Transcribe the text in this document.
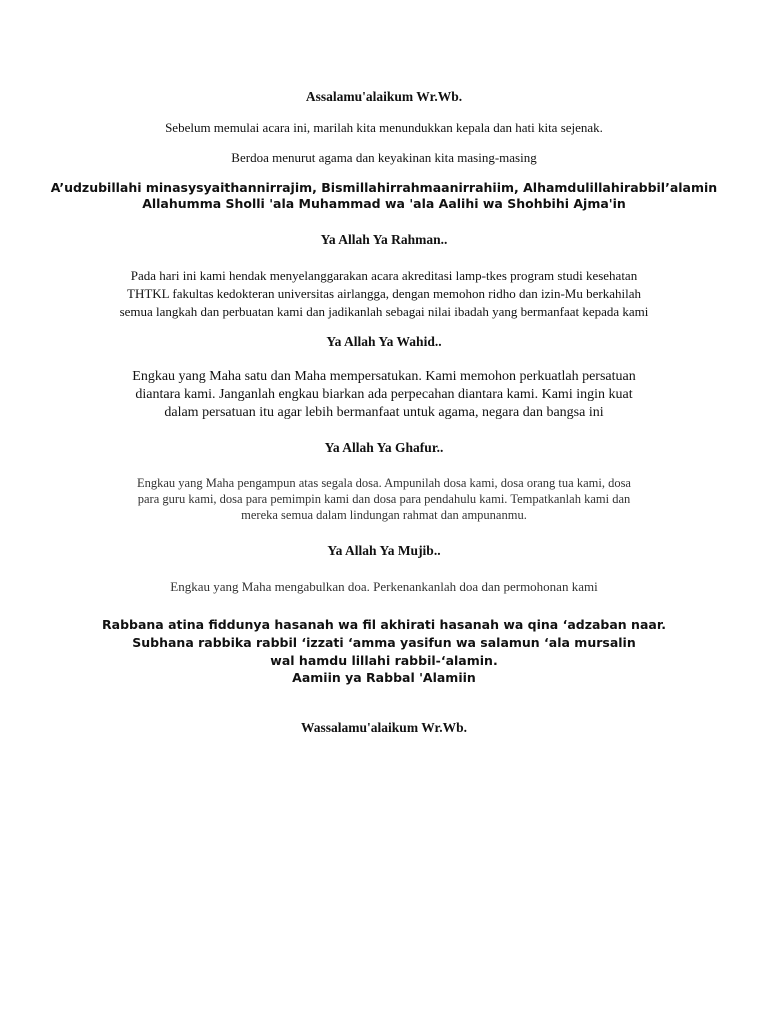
Assalamu'alaikum Wr.Wb.
Sebelum memulai acara ini, marilah kita menundukkan kepala dan hati kita sejenak.
Berdoa menurut agama dan keyakinan kita masing-masing
A’udzubillahi minasysyaithannirrajim, Bismillahirrahmaanirrahiim, Alhamdulillahirabbil’alamin
Allahumma Sholli 'ala Muhammad wa 'ala Aalihi wa Shohbihi Ajma'in
Ya Allah Ya Rahman..
Pada hari ini kami hendak menyelanggarakan acara akreditasi lamp-tkes program studi kesehatan
THTKL fakultas kedokteran universitas airlangga, dengan memohon ridho dan izin-Mu berkahilah
semua langkah dan perbuatan kami dan jadikanlah sebagai nilai ibadah yang bermanfaat kepada kami
Ya Allah Ya Wahid..
Engkau yang Maha satu dan Maha mempersatukan. Kami memohon perkuatlah persatuan
diantara kami. Janganlah engkau biarkan ada perpecahan diantara kami. Kami ingin kuat
dalam persatuan itu agar lebih bermanfaat untuk agama, negara dan bangsa ini
Ya Allah Ya Ghafur..
Engkau yang Maha pengampun atas segala dosa. Ampunilah dosa kami, dosa orang tua kami, dosa
para guru kami, dosa para pemimpin kami dan dosa para pendahulu kami. Tempatkanlah kami dan
mereka semua dalam lindungan rahmat dan ampunanmu.
Ya Allah Ya Mujib..
Engkau yang Maha mengabulkan doa. Perkenankanlah doa dan permohonan kami
Rabbana atina fiddunya hasanah wa fil akhirati hasanah wa qina ‘adzaban naar.
Subhana rabbika rabbil ‘izzati ‘amma yasifun wa salamun ‘ala mursalin
wal hamdu lillahi rabbil-‘alamin.
Aamiin ya Rabbal 'Alamiin
Wassalamu'alaikum Wr.Wb.
